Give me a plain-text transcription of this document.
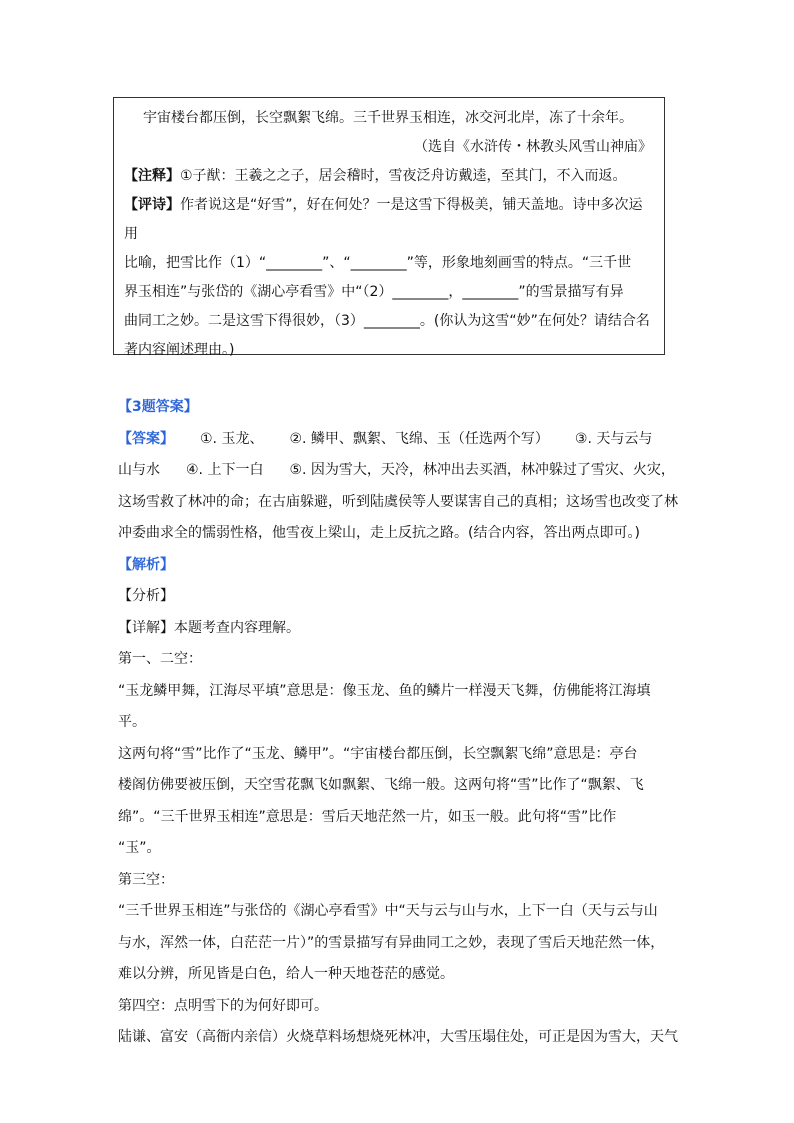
宇宙楼台都压倒，长空飘絮飞绵。三千世界玉相连，冰交河北岸，冻了十余年。

（选自《水浒传・林教头风雪山神庙》

【注释】①子猷：王羲之之子，居会稽时，雪夜泛舟访戴逵，至其门，不入而返。

【评诗】作者说这是“好雪”，好在何处？一是这雪下得极美，铺天盖地。诗中多次运用

比喻，把雪比作（1）“________”、“________”等，形象地刻画雪的特点。“三千世

界玉相连”与张岱的《湖心亭看雪》中“（2）________，________”的雪景描写有异

曲同工之妙。二是这雪下得很妙，（3）________。(你认为这雪“妙”在何处？请结合名

著内容阐述理由。)

【3题答案】

【答案】 ①. 玉龙、 ②. 鳞甲、飘絮、飞绵、玉（任选两个写） ③. 天与云与

山与水 ④. 上下一白 ⑤. 因为雪大，天冷，林冲出去买酒，林冲躲过了雪灾、火灾，

这场雪救了林冲的命；在古庙躲避，听到陆虞侯等人要谋害自己的真相；这场雪也改变了林

冲委曲求全的懦弱性格，他雪夜上梁山，走上反抗之路。(结合内容，答出两点即可。)

【解析】

【分析】

【详解】本题考查内容理解。

第一、二空：

“玉龙鳞甲舞，江海尽平填”意思是：像玉龙、鱼的鳞片一样漫天飞舞，仿佛能将江海填平。

这两句将“雪”比作了“玉龙、鳞甲”。“宇宙楼台都压倒，长空飘絮飞绵”意思是：亭台

楼阁仿佛要被压倒，天空雪花飘飞如飘絮、飞绵一般。这两句将“雪”比作了“飘絮、飞

绵”。“三千世界玉相连”意思是：雪后天地茫然一片，如玉一般。此句将“雪”比作

“玉”。

第三空：

“三千世界玉相连”与张岱的《湖心亭看雪》中“天与云与山与水，上下一白（天与云与山

与水，浑然一体，白茫茫一片）”的雪景描写有异曲同工之妙，表现了雪后天地茫然一体，

难以分辨，所见皆是白色，给人一种天地苍茫的感觉。

第四空：点明雪下的为何好即可。

陆谦、富安（高衙内亲信）火烧草料场想烧死林冲，大雪压塌住处，可正是因为雪大，天气
